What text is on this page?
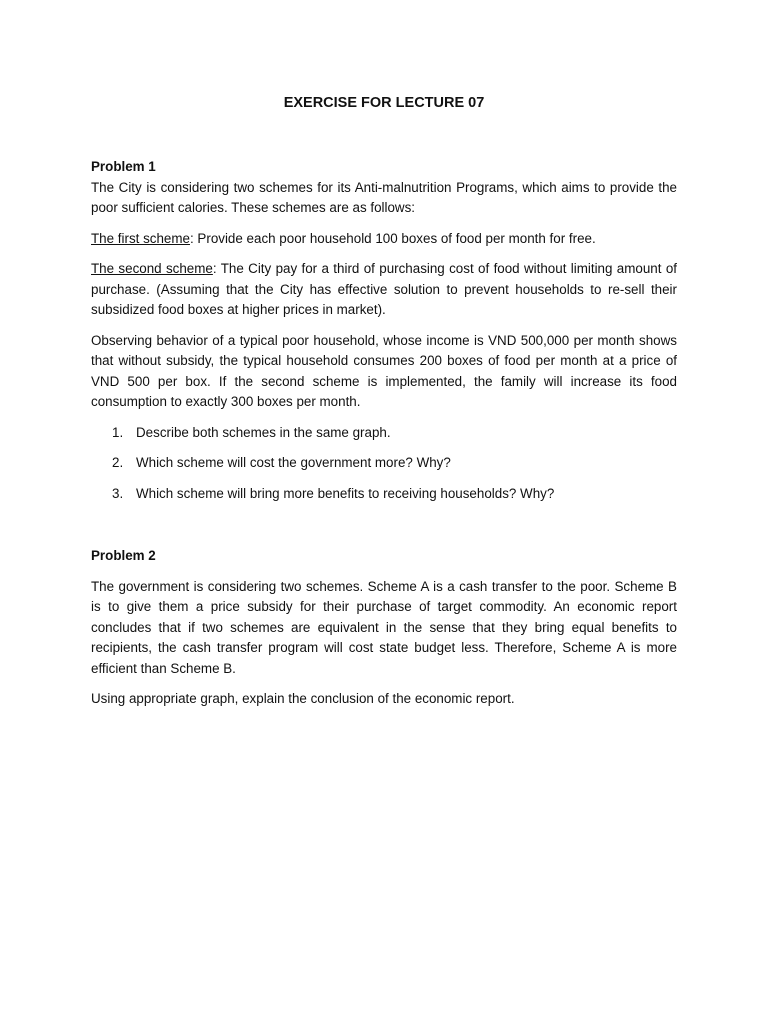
EXERCISE FOR LECTURE 07
Problem 1

The City is considering two schemes for its Anti-malnutrition Programs, which aims to provide the poor sufficient calories. These schemes are as follows:

The first scheme: Provide each poor household 100 boxes of food per month for free.

The second scheme: The City pay for a third of purchasing cost of food without limiting amount of purchase. (Assuming that the City has effective solution to prevent households to re-sell their subsidized food boxes at higher prices in market).

Observing behavior of a typical poor household, whose income is VND 500,000 per month shows that without subsidy, the typical household consumes 200 boxes of food per month at a price of VND 500 per box. If the second scheme is implemented, the family will increase its food consumption to exactly 300 boxes per month.

1. Describe both schemes in the same graph.
2. Which scheme will cost the government more? Why?
3. Which scheme will bring more benefits to receiving households? Why?
Problem 2

The government is considering two schemes. Scheme A is a cash transfer to the poor. Scheme B is to give them a price subsidy for their purchase of target commodity. An economic report concludes that if two schemes are equivalent in the sense that they bring equal benefits to recipients, the cash transfer program will cost state budget less. Therefore, Scheme A is more efficient than Scheme B.

Using appropriate graph, explain the conclusion of the economic report.
